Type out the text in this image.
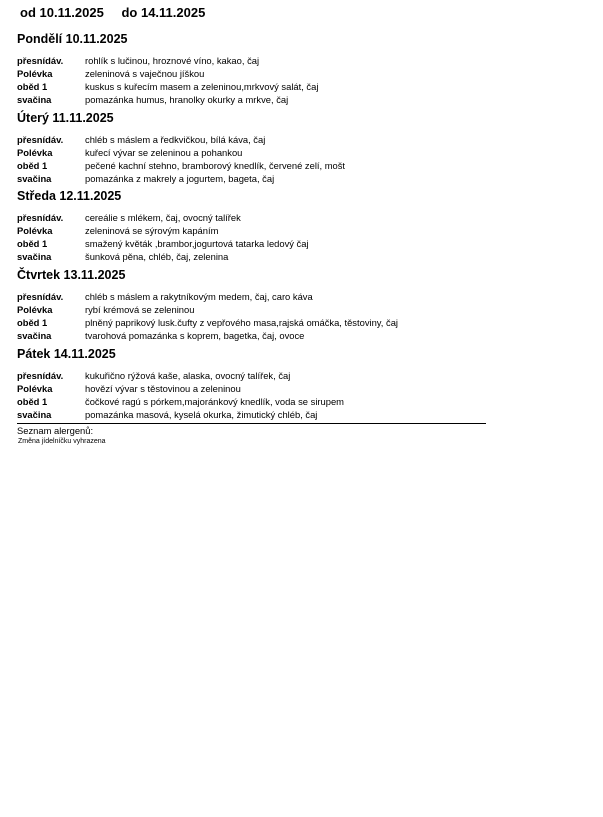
od 10.11.2025 do 14.11.2025
Pondělí 10.11.2025
přesnídáv. rohlík s lučinou, hroznové víno, kakao, čaj
Polévka	zeleninová s vaječnou jíškou
oběd 1	kuskus s kuřecím masem a zeleninou,mrkvový salát, čaj
svačina	pomazánka humus, hranolky okurky a mrkve, čaj
Úterý 11.11.2025
přesnídáv. chléb s máslem a ředkvičkou, bílá káva, čaj
Polévka	kuřecí vývar se zeleninou a pohankou
oběd 1	pečené kachní stehno, bramborový knedlík, červené zelí, mošt
svačina	pomazánka z makrely a jogurtem, bageta, čaj
Středa 12.11.2025
přesnídáv. cereálie s mlékem, čaj, ovocný talířek
Polévka	zeleninová se sýrovým kapáním
oběd 1	smažený květák ,brambor,jogurtová tatarka ledový čaj
svačina	šunková pěna, chléb, čaj, zelenina
Čtvrtek 13.11.2025
přesnídáv. chléb s máslem a rakytníkovým medem, čaj, caro káva
Polévka	rybí krémová se zeleninou
oběd 1	plněný paprikový lusk.čufty z vepřového masa,rajská omáčka, těstoviny, čaj
svačina	tvarohová pomazánka s koprem, bagetka, čaj, ovoce
Pátek 14.11.2025
přesnídáv. kukuřično rýžová kaše, alaska, ovocný talířek, čaj
Polévka	hovězí vývar s těstovinou a zeleninou
oběd 1	čočkové ragú s pórkem,majoránkový knedlík, voda se sirupem
svačina	pomazánka masová, kyselá okurka, žimutický chléb, čaj
Seznam alergenů:
Změna jídelníčku vyhrazena
